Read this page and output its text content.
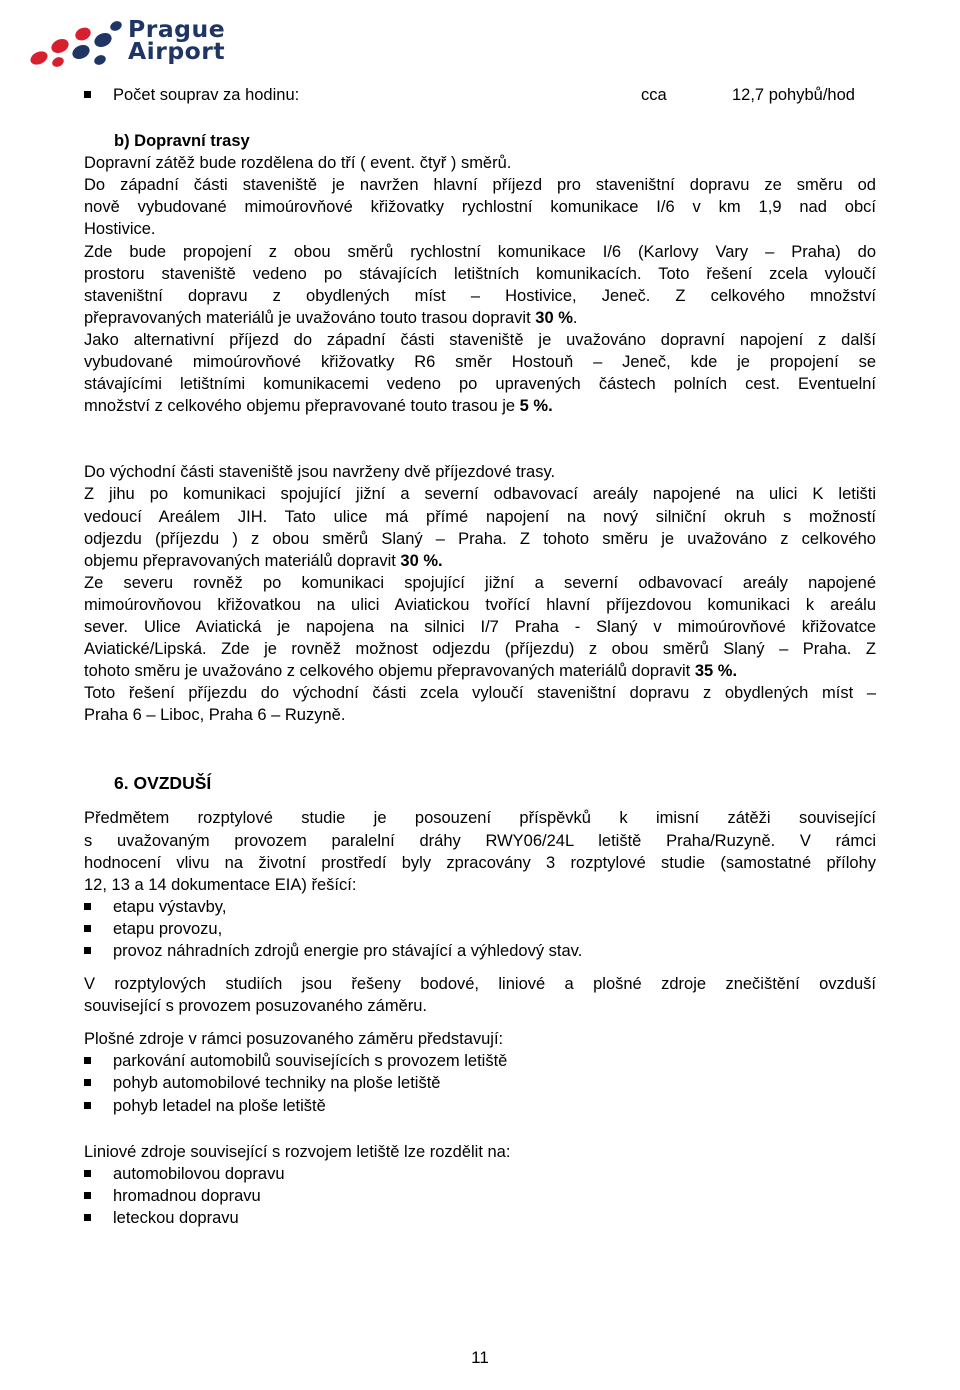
Prague
Airport
Počet souprav za hodinu:	cca	12,7 pohybů/hod
b) Dopravní trasy
Dopravní zátěž bude rozdělena do tří ( event. čtyř ) směrů.
Do západní části staveniště je navržen hlavní příjezd pro staveništní dopravu ze směru od
nově vybudované mimoúrovňové křižovatky rychlostní komunikace I/6 v km 1,9 nad obcí
Hostivice.
Zde bude propojení z obou směrů rychlostní komunikace I/6 (Karlovy Vary – Praha) do
prostoru staveniště vedeno po stávajících letištních komunikacích. Toto řešení zcela vyloučí
staveništní dopravu z obydlených míst – Hostivice, Jeneč. Z celkového množství
přepravovaných materiálů je uvažováno touto trasou dopravit 30 %.
Jako alternativní příjezd do západní části staveniště je uvažováno dopravní napojení z další
vybudované mimoúrovňové křižovatky R6 směr Hostouň – Jeneč, kde je propojení se
stávajícími letištními komunikacemi vedeno po upravených částech polních cest. Eventuelní
množství z celkového objemu přepravované touto trasou je 5 %.
Do východní části staveniště jsou navrženy dvě příjezdové trasy.
Z jihu po komunikaci spojující jižní a severní odbavovací areály napojené na ulici K letišti
vedoucí Areálem JIH. Tato ulice má přímé napojení na nový silniční okruh s možností
odjezdu (příjezdu ) z obou směrů Slaný – Praha. Z tohoto směru je uvažováno z celkového
objemu přepravovaných materiálů dopravit 30 %.
Ze severu rovněž po komunikaci spojující jižní a severní odbavovací areály napojené
mimoúrovňovou křižovatkou na ulici Aviatickou tvořící hlavní příjezdovou komunikaci k areálu
sever. Ulice Aviatická je napojena na silnici I/7 Praha - Slaný v mimoúrovňové křižovatce
Aviatické/Lipská. Zde je rovněž možnost odjezdu (příjezdu) z obou směrů Slaný – Praha. Z
tohoto směru je uvažováno z celkového objemu přepravovaných materiálů dopravit 35 %.
Toto řešení příjezdu do východní části zcela vyloučí staveništní dopravu z obydlených míst –
Praha 6 – Liboc, Praha 6 – Ruzyně.
6. OVZDUŠÍ
Předmětem rozptylové studie je posouzení příspěvků k imisní zátěži související
s uvažovaným provozem paralelní dráhy RWY06/24L letiště Praha/Ruzyně. V rámci
hodnocení vlivu na životní prostředí byly zpracovány 3 rozptylové studie (samostatné přílohy
12, 13 a 14 dokumentace EIA) řešící:
etapu výstavby,
etapu provozu,
provoz náhradních zdrojů energie pro stávající a výhledový stav.
V rozptylových studiích jsou řešeny bodové, liniové a plošné zdroje znečištění ovzduší
související s provozem posuzovaného záměru.
Plošné zdroje v rámci posuzovaného záměru představují:
parkování automobilů souvisejících s provozem letiště
pohyb automobilové techniky na ploše letiště
pohyb letadel na ploše letiště
Liniové zdroje související s rozvojem letiště lze rozdělit na:
automobilovou dopravu
hromadnou dopravu
leteckou dopravu
11
